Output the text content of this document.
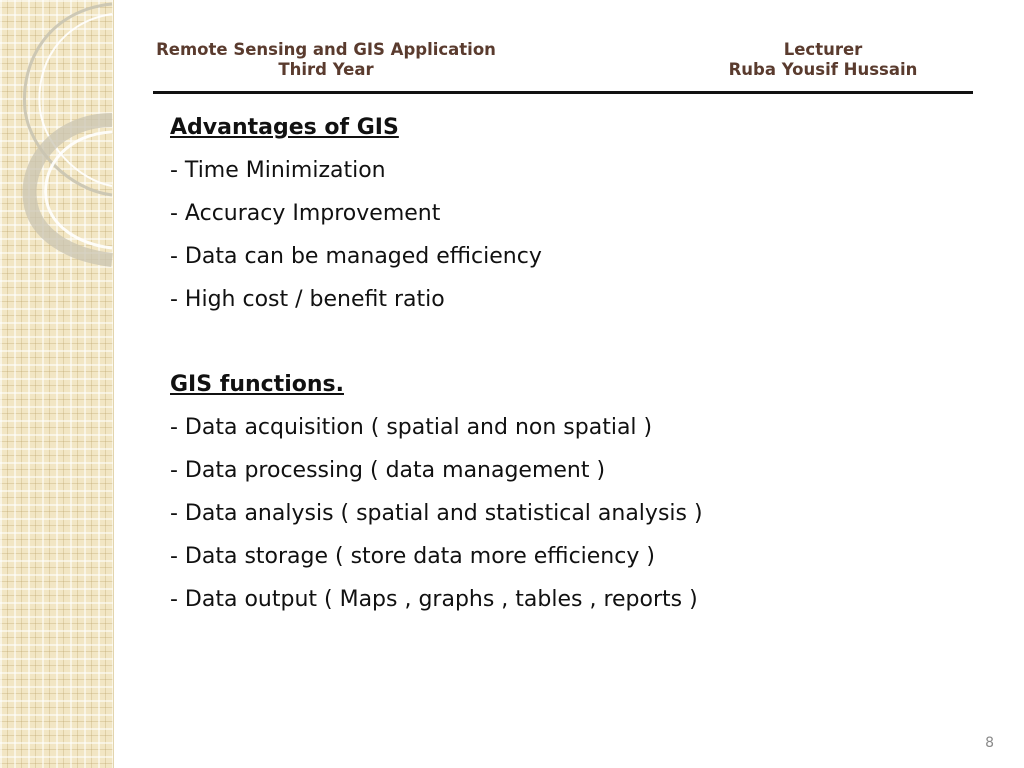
Remote Sensing and GIS Application
Third Year
Lecturer
Ruba Yousif Hussain
Advantages of GIS
- Time Minimization
- Accuracy Improvement
- Data can be managed efficiency
- High cost / benefit ratio
GIS functions.
- Data acquisition ( spatial and non spatial )
- Data processing ( data management )
- Data analysis ( spatial and statistical analysis )
- Data storage ( store data more efficiency )
- Data output ( Maps , graphs , tables , reports )
8
